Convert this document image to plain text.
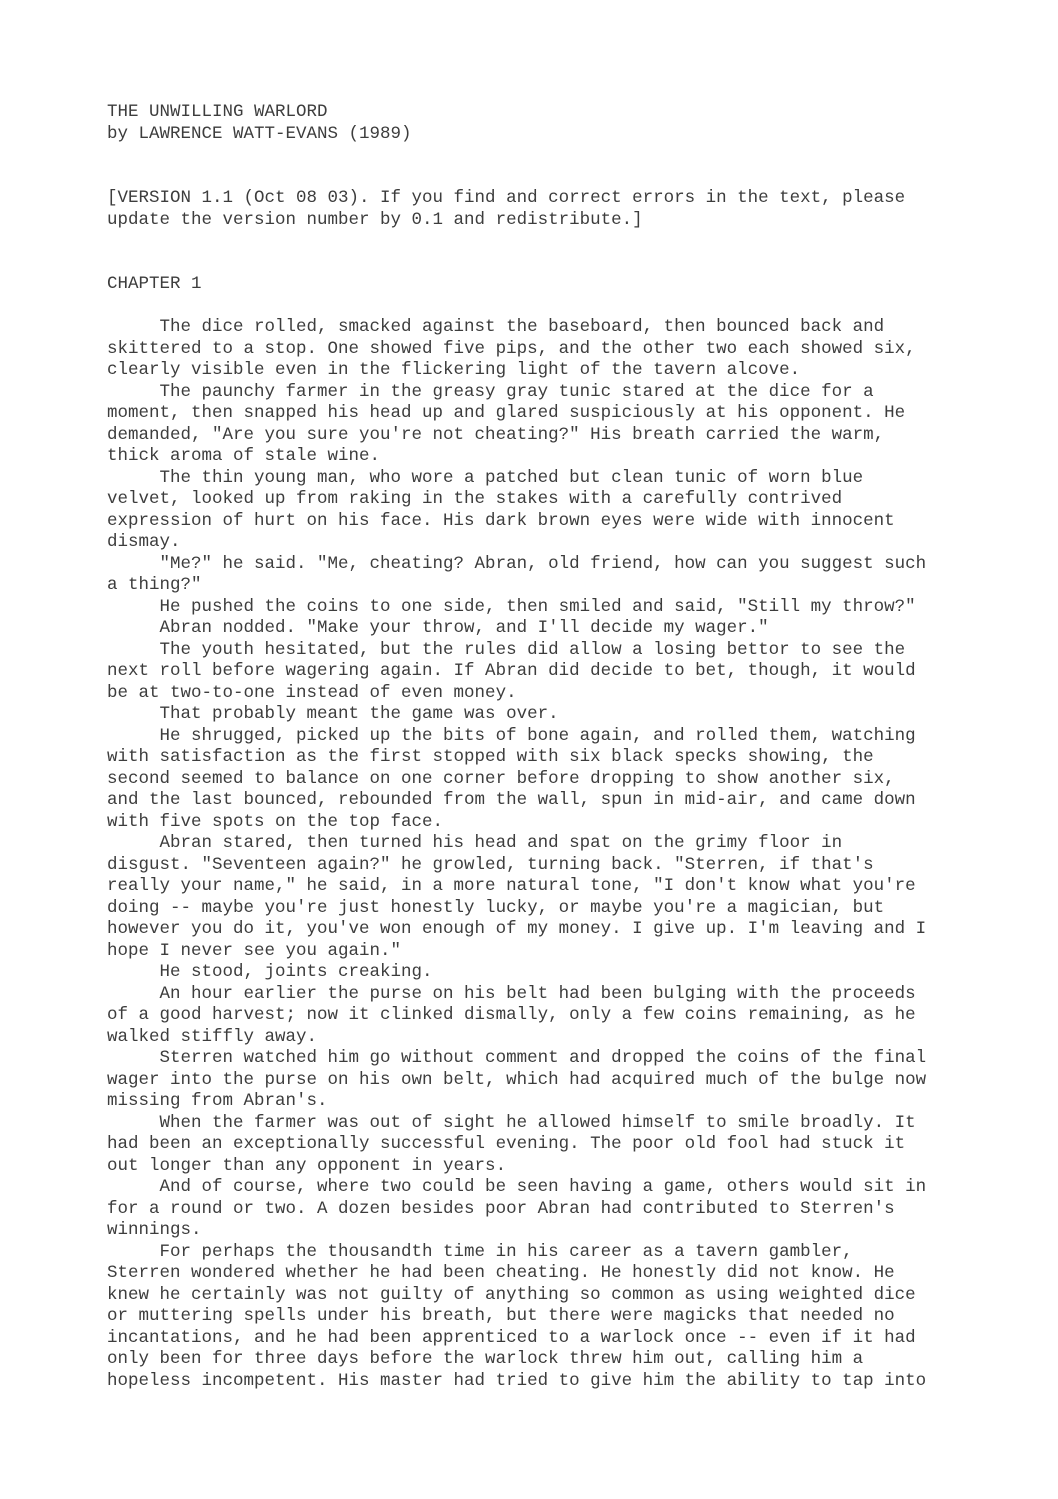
THE UNWILLING WARLORD
by LAWRENCE WATT-EVANS (1989)
[VERSION 1.1 (Oct 08 03). If you find and correct errors in the text, please
update the version number by 0.1 and redistribute.]
CHAPTER 1
The dice rolled, smacked against the baseboard, then bounced back and
skittered to a stop. One showed five pips, and the other two each showed six,
clearly visible even in the flickering light of the tavern alcove.
The paunchy farmer in the greasy gray tunic stared at the dice for a
moment, then snapped his head up and glared suspiciously at his opponent. He
demanded, "Are you sure you're not cheating?" His breath carried the warm,
thick aroma of stale wine.
The thin young man, who wore a patched but clean tunic of worn blue
velvet, looked up from raking in the stakes with a carefully contrived
expression of hurt on his face. His dark brown eyes were wide with innocent
dismay.
"Me?" he said. "Me, cheating? Abran, old friend, how can you suggest such
a thing?"
He pushed the coins to one side, then smiled and said, "Still my throw?"
Abran nodded. "Make your throw, and I'll decide my wager."
The youth hesitated, but the rules did allow a losing bettor to see the
next roll before wagering again. If Abran did decide to bet, though, it would
be at two-to-one instead of even money.
That probably meant the game was over.
He shrugged, picked up the bits of bone again, and rolled them, watching
with satisfaction as the first stopped with six black specks showing, the
second seemed to balance on one corner before dropping to show another six,
and the last bounced, rebounded from the wall, spun in mid-air, and came down
with five spots on the top face.
Abran stared, then turned his head and spat on the grimy floor in
disgust. "Seventeen again?" he growled, turning back. "Sterren, if that's
really your name," he said, in a more natural tone, "I don't know what you're
doing -- maybe you're just honestly lucky, or maybe you're a magician, but
however you do it, you've won enough of my money. I give up. I'm leaving and I
hope I never see you again."
He stood, joints creaking.
An hour earlier the purse on his belt had been bulging with the proceeds
of a good harvest; now it clinked dismally, only a few coins remaining, as he
walked stiffly away.
Sterren watched him go without comment and dropped the coins of the final
wager into the purse on his own belt, which had acquired much of the bulge now
missing from Abran's.
When the farmer was out of sight he allowed himself to smile broadly. It
had been an exceptionally successful evening. The poor old fool had stuck it
out longer than any opponent in years.
And of course, where two could be seen having a game, others would sit in
for a round or two. A dozen besides poor Abran had contributed to Sterren's
winnings.
For perhaps the thousandth time in his career as a tavern gambler,
Sterren wondered whether he had been cheating. He honestly did not know. He
knew he certainly was not guilty of anything so common as using weighted dice
or muttering spells under his breath, but there were magicks that needed no
incantations, and he had been apprenticed to a warlock once -- even if it had
only been for three days before the warlock threw him out, calling him a
hopeless incompetent. His master had tried to give him the ability to tap into
